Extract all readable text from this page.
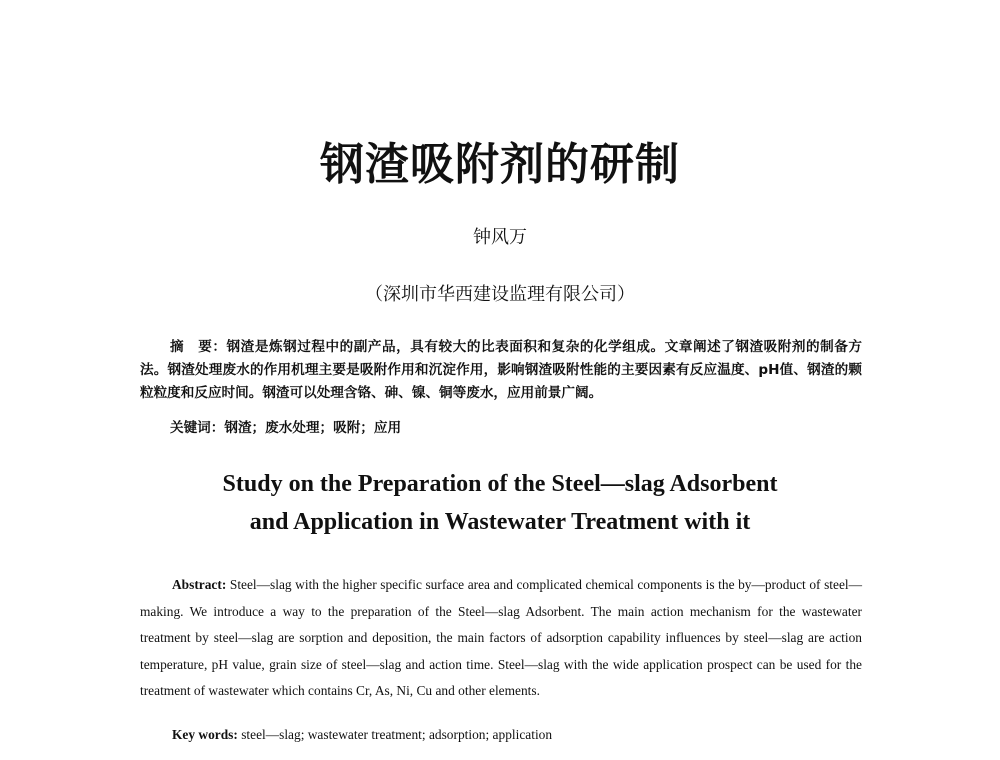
钢渣吸附剂的研制
钟风万
（深圳市华西建设监理有限公司）
摘　要：钢渣是炼钢过程中的副产品，具有较大的比表面积和复杂的化学组成。文章阐述了钢渣吸附剂的制备方法。钢渣处理废水的作用机理主要是吸附作用和沉淀作用，影响钢渣吸附性能的主要因素有反应温度、pH值、钢渣的颗粒粒度和反应时间。钢渣可以处理含铬、砷、镍、铜等废水，应用前景广阔。
关键词：钢渣；废水处理；吸附；应用
Study on the Preparation of the Steel—slag Adsorbent
and Application in Wastewater Treatment with it
Abstract: Steel—slag with the higher specific surface area and complicated chemical components is the by—product of steel—making. We introduce a way to the preparation of the Steel—slag Adsorbent. The main action mechanism for the wastewater treatment by steel—slag are sorption and deposition, the main factors of adsorption capability influences by steel—slag are action temperature, pH value, grain size of steel—slag and action time. Steel—slag with the wide application prospect can be used for the treatment of wastewater which contains Cr, As, Ni, Cu and other elements.
Key words: steel—slag; wastewater treatment; adsorption; application
